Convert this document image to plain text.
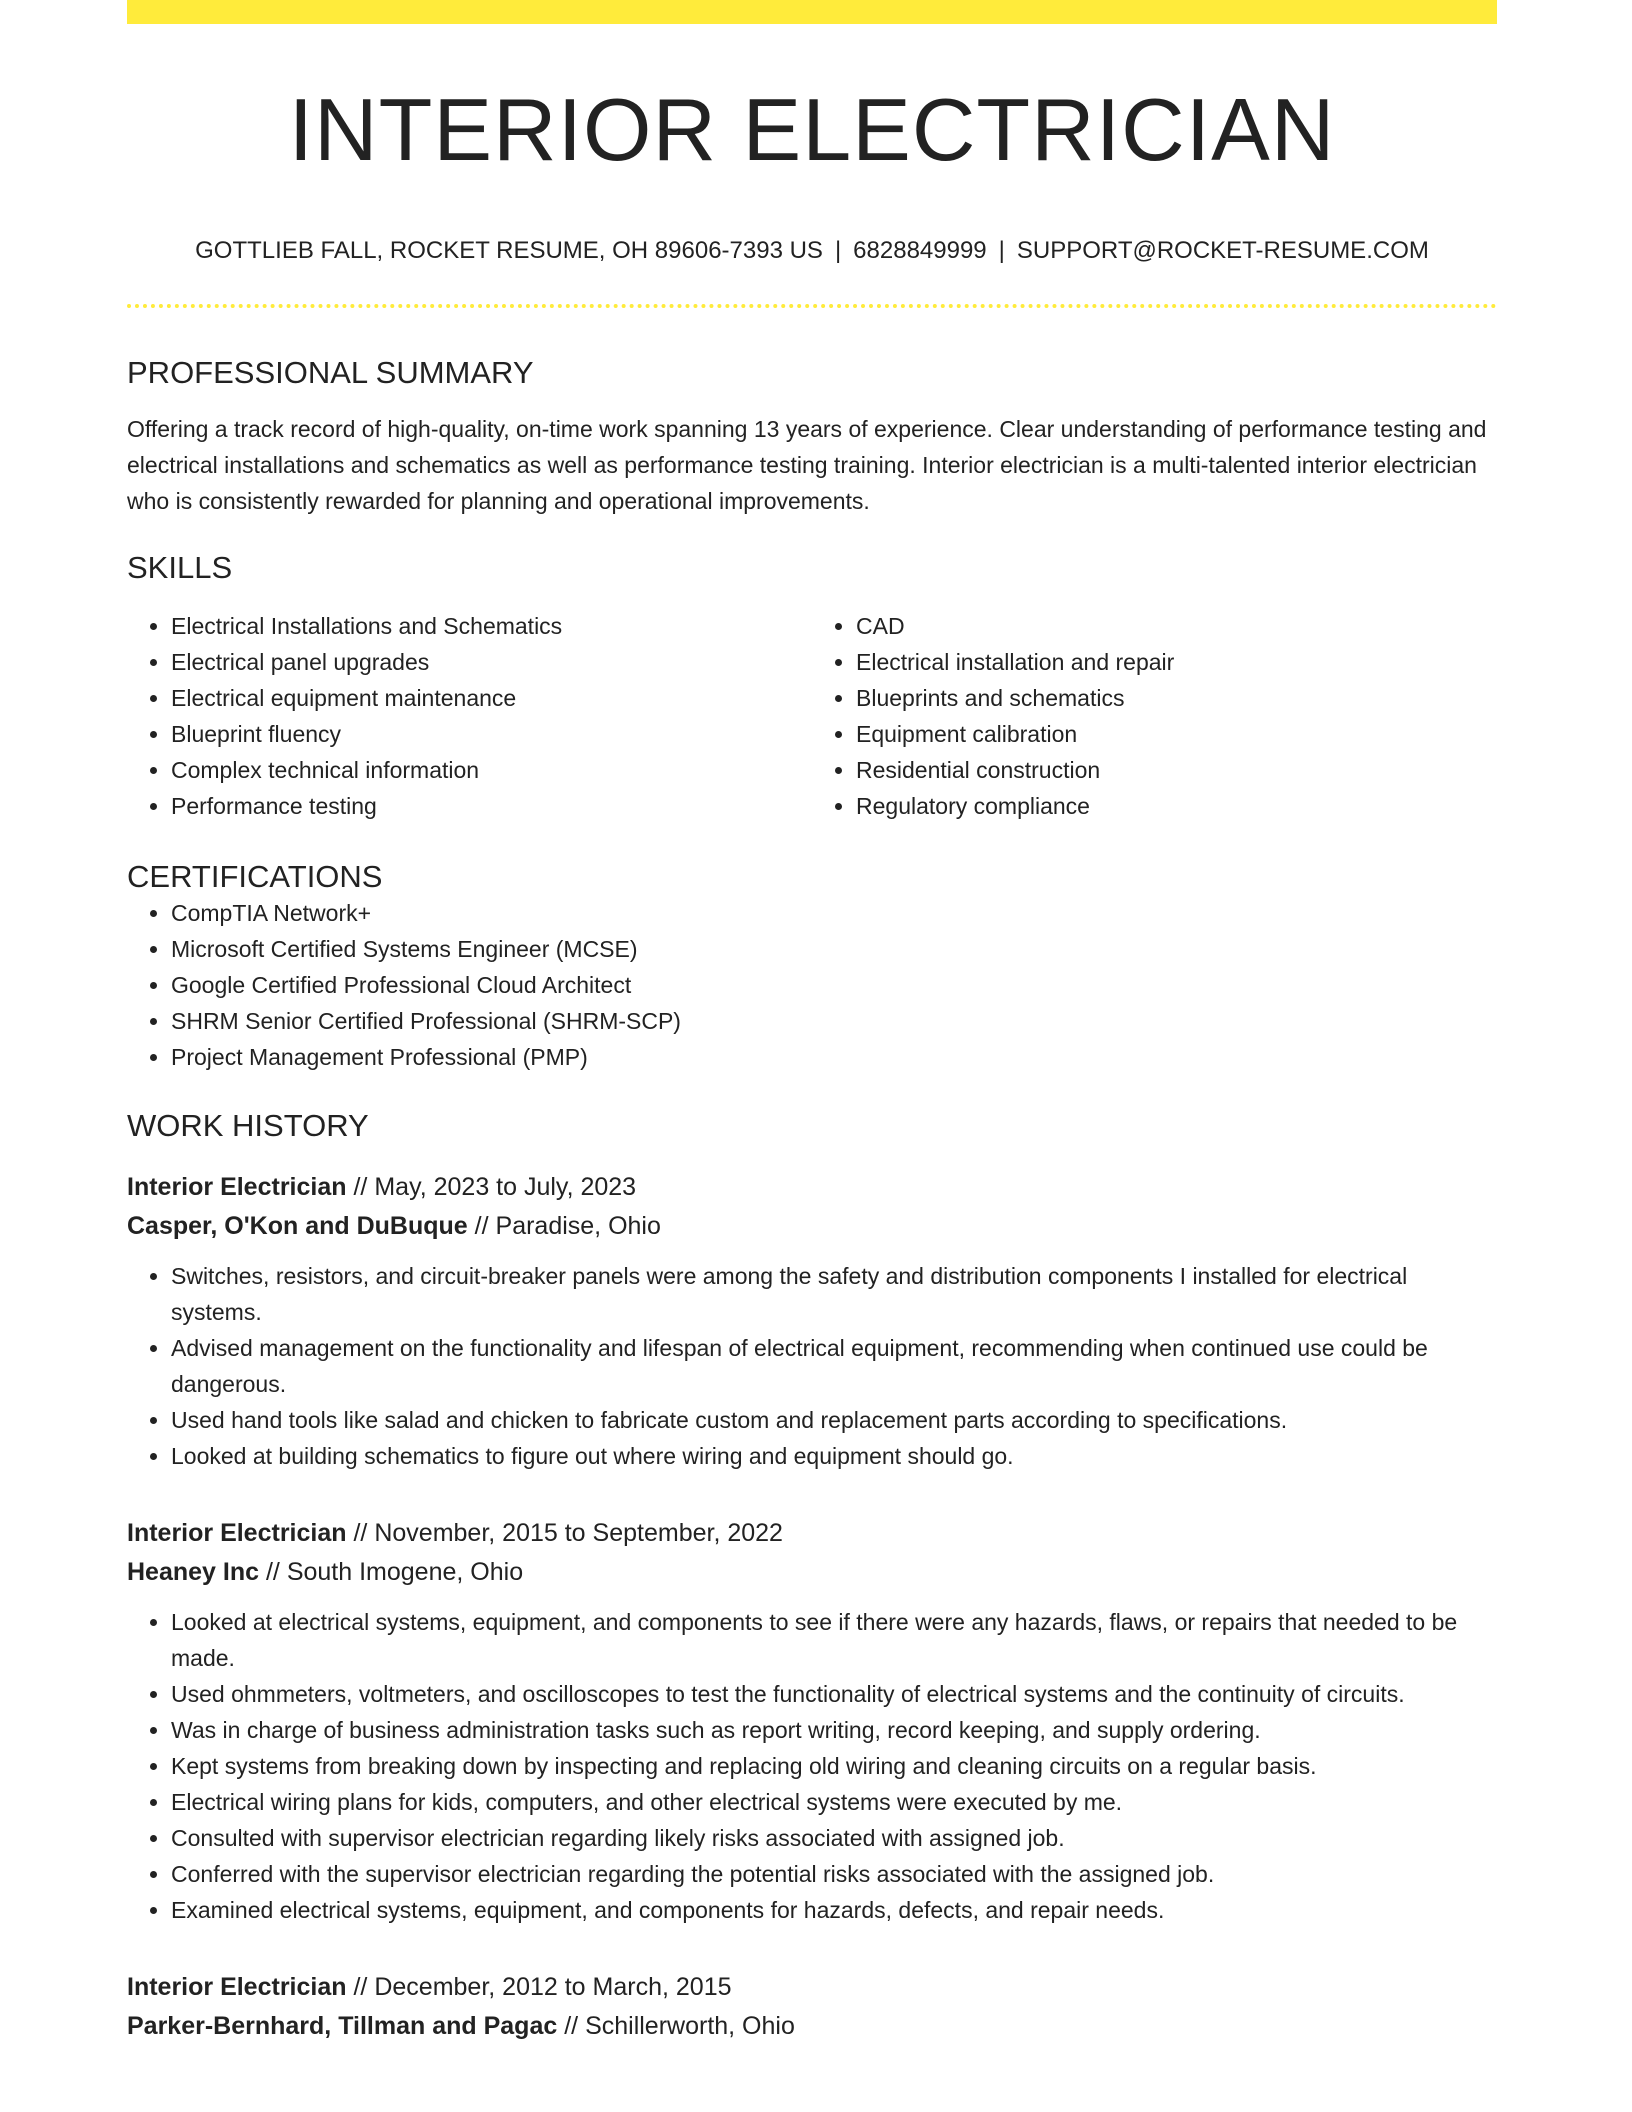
INTERIOR ELECTRICIAN
GOTTLIEB FALL, ROCKET RESUME, OH 89606-7393 US | 6828849999 | SUPPORT@ROCKET-RESUME.COM
PROFESSIONAL SUMMARY
Offering a track record of high-quality, on-time work spanning 13 years of experience. Clear understanding of performance testing and electrical installations and schematics as well as performance testing training. Interior electrician is a multi-talented interior electrician who is consistently rewarded for planning and operational improvements.
SKILLS
• Electrical Installations and Schematics
• Electrical panel upgrades
• Electrical equipment maintenance
• Blueprint fluency
• Complex technical information
• Performance testing
• CAD
• Electrical installation and repair
• Blueprints and schematics
• Equipment calibration
• Residential construction
• Regulatory compliance
CERTIFICATIONS
• CompTIA Network+
• Microsoft Certified Systems Engineer (MCSE)
• Google Certified Professional Cloud Architect
• SHRM Senior Certified Professional (SHRM-SCP)
• Project Management Professional (PMP)
WORK HISTORY
Interior Electrician // May, 2023 to July, 2023
Casper, O'Kon and DuBuque // Paradise, Ohio
• Switches, resistors, and circuit-breaker panels were among the safety and distribution components I installed for electrical systems.
• Advised management on the functionality and lifespan of electrical equipment, recommending when continued use could be dangerous.
• Used hand tools like salad and chicken to fabricate custom and replacement parts according to specifications.
• Looked at building schematics to figure out where wiring and equipment should go.
Interior Electrician // November, 2015 to September, 2022
Heaney Inc // South Imogene, Ohio
• Looked at electrical systems, equipment, and components to see if there were any hazards, flaws, or repairs that needed to be made.
• Used ohmmeters, voltmeters, and oscilloscopes to test the functionality of electrical systems and the continuity of circuits.
• Was in charge of business administration tasks such as report writing, record keeping, and supply ordering.
• Kept systems from breaking down by inspecting and replacing old wiring and cleaning circuits on a regular basis.
• Electrical wiring plans for kids, computers, and other electrical systems were executed by me.
• Consulted with supervisor electrician regarding likely risks associated with assigned job.
• Conferred with the supervisor electrician regarding the potential risks associated with the assigned job.
• Examined electrical systems, equipment, and components for hazards, defects, and repair needs.
Interior Electrician // December, 2012 to March, 2015
Parker-Bernhard, Tillman and Pagac // Schillerworth, Ohio
